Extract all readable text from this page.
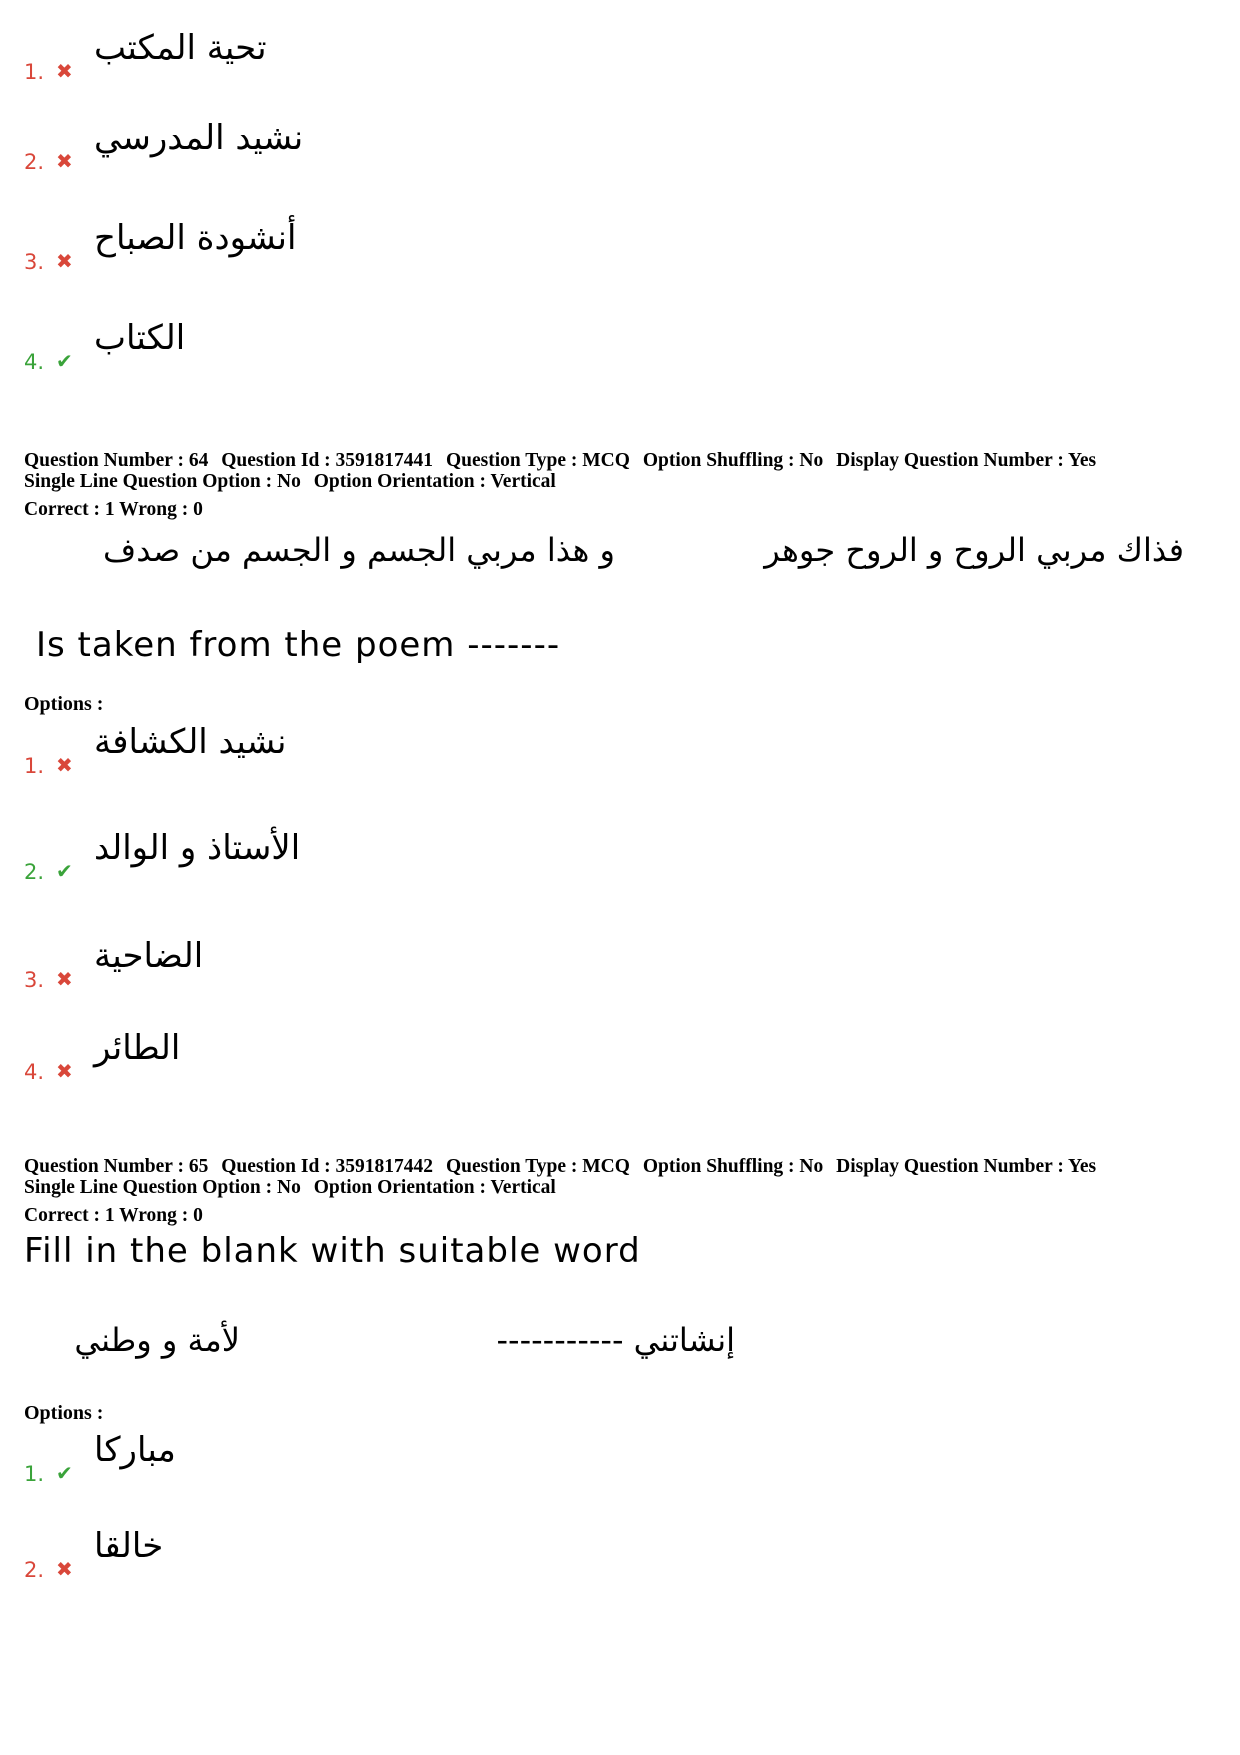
1. ✖
تحية المكتب
2. ✖
نشيد المدرسي
3. ✖
أنشودة الصباح
4. ✔
الكتاب
Question Number : 64 Question Id : 3591817441 Question Type : MCQ Option Shuffling : No Display Question Number : Yes
Single Line Question Option : No Option Orientation : Vertical
Correct : 1 Wrong : 0
فذاك مربي الروح و الروح جوهر
و هذا مربي الجسم و الجسم من صدف
Is taken from the poem -------
Options :
1. ✖
نشيد الكشافة
2. ✔
الأستاذ و الوالد
3. ✖
الضاحية
4. ✖
الطائر
Question Number : 65 Question Id : 3591817442 Question Type : MCQ Option Shuffling : No Display Question Number : Yes
Single Line Question Option : No Option Orientation : Vertical
Correct : 1 Wrong : 0
Fill in the blank with suitable word
إنشاتني -----------
لأمة و وطني
Options :
1. ✔
مباركا
2. ✖
خالقا
